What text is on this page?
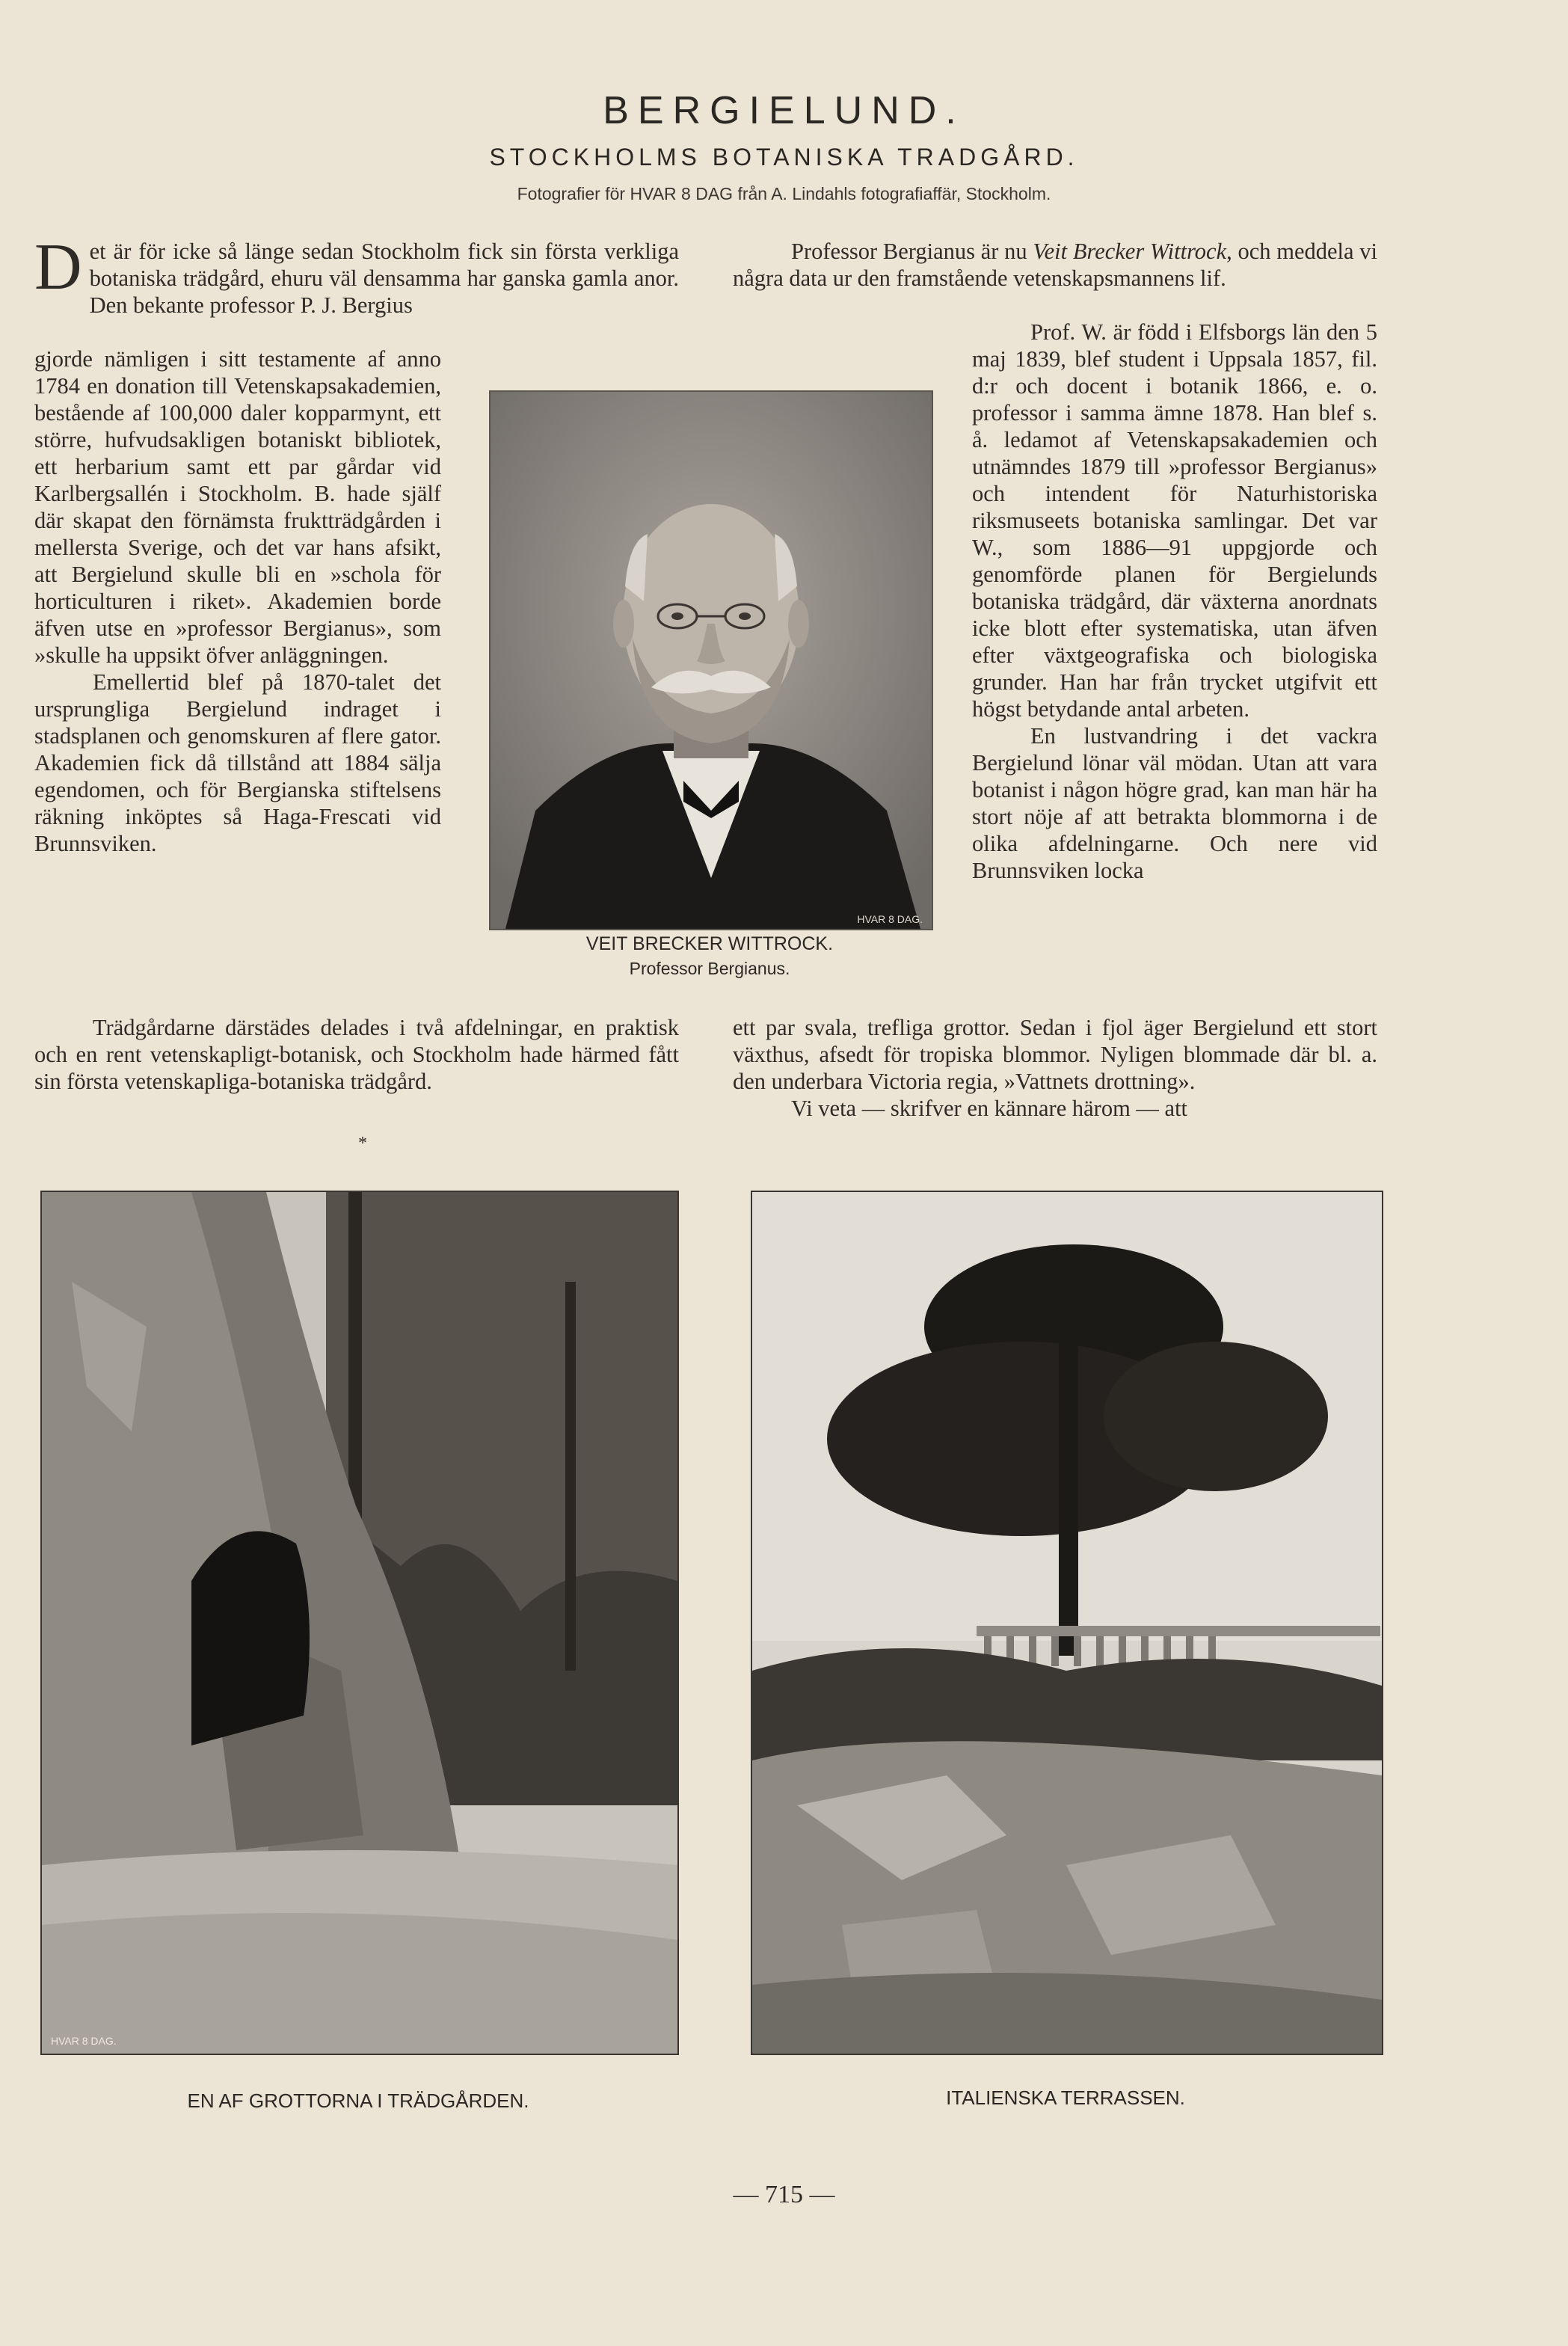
BERGIELUND.
STOCKHOLMS BOTANISKA TRADGÅRD.
Fotografier för HVAR 8 DAG från A. Lindahls fotografiaffär, Stockholm.
D et är för icke så länge sedan Stockholm fick sin första verkliga botaniska trädgård, ehuru väl densamma har ganska gamla anor. Den bekante professor P. J. Bergius

gjorde nämligen i sitt testamente af anno 1784 en donation till Vetenskapsakademien, bestående af 100,000 daler kopparmynt, ett större, hufvudsakligen botaniskt bibliotek, ett herbarium samt ett par gårdar vid Karlbergsallén i Stockholm. B. hade själf där skapat den förnämsta fruktträdgården i mellersta Sverige, och det var hans afsikt, att Bergielund skulle bli en »schola för horticulturen i riket». Akademien borde äfven utse en »professor Bergianus», som »skulle ha uppsikt öfver anläggningen.

Emellertid blef på 1870-talet det ursprungliga Bergielund indraget i stadsplanen och genomskuren af flere gator. Akademien fick då tillstånd att 1884 sälja egendomen, och för Bergianska stiftelsens räkning inköptes så Haga-Frescati vid Brunnsviken.

Trädgårdarne därstädes delades i två afdelningar, en praktisk och en rent vetenskapligt-botanisk, och Stockholm hade härmed fått sin första vetenskapliga-botaniska trädgård.

*

Professor Bergianus är nu Veit Brecker Wittrock, och meddela vi några data ur den framstående vetenskapsmannens lif.

Prof. W. är född i Elfsborgs län den 5 maj 1839, blef student i Uppsala 1857, fil. d:r och docent i botanik 1866, e. o. professor i samma ämne 1878. Han blef s. å. ledamot af Vetenskapsakademien och utnämndes 1879 till »professor Bergianus» och intendent för Naturhistoriska riksmuseets botaniska samlingar. Det var W., som 1886—91 uppgjorde och genomförde planen för Bergielunds botaniska trädgård, där växterna anordnats icke blott efter systematiska, utan äfven efter växtgeografiska och biologiska grunder. Han har från trycket utgifvit ett högst betydande antal arbeten.

En lustvandring i det vackra Bergielund lönar väl mödan. Utan att vara botanist i någon högre grad, kan man här ha stort nöje af att betrakta blommorna i de olika afdelningarne. Och nere vid Brunnsviken locka

ett par svala, trefliga grottor. Sedan i fjol äger Bergielund ett stort växthus, afsedt för tropiska blommor. Nyligen blommade där bl. a. den underbara Victoria regia, »Vattnets drottning».

Vi veta — skrifver en kännare härom — att

HVAR 8 DAG.
VEIT BRECKER WITTROCK.
Professor Bergianus.
HVAR 8 DAG.
EN AF GROTTORNA I TRÄDGÅRDEN.	ITALIENSKA TERRASSEN.
— 715 —
